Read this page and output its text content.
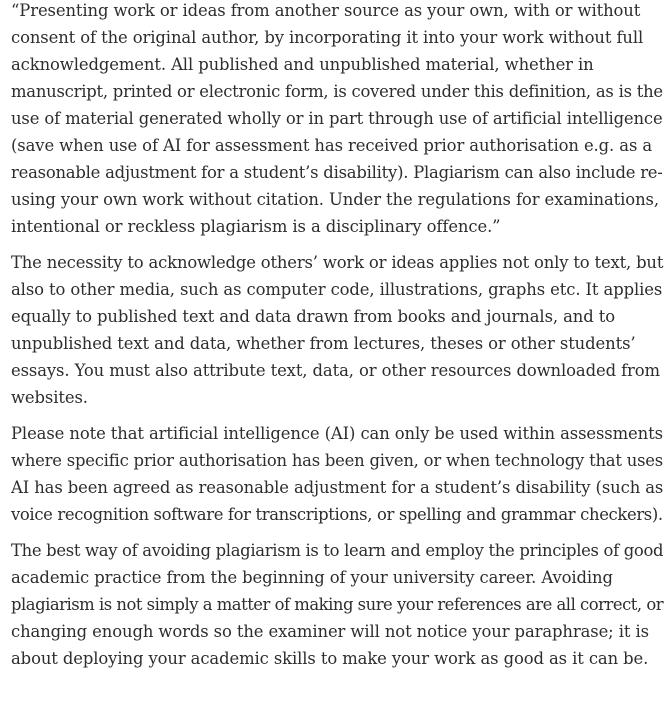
“Presenting work or ideas from another source as your own, with or without
consent of the original author, by incorporating it into your work without full
acknowledgement. All published and unpublished material, whether in
manuscript, printed or electronic form, is covered under this definition, as is the
use of material generated wholly or in part through use of artificial intelligence
(save when use of AI for assessment has received prior authorisation e.g. as a
reasonable adjustment for a student’s disability). Plagiarism can also include re-
using your own work without citation. Under the regulations for examinations,
intentional or reckless plagiarism is a disciplinary offence.”

The necessity to acknowledge others’ work or ideas applies not only to text, but
also to other media, such as computer code, illustrations, graphs etc. It applies
equally to published text and data drawn from books and journals, and to
unpublished text and data, whether from lectures, theses or other students’
essays. You must also attribute text, data, or other resources downloaded from
websites.

Please note that artificial intelligence (AI) can only be used within assessments
where specific prior authorisation has been given, or when technology that uses
AI has been agreed as reasonable adjustment for a student’s disability (such as
voice recognition software for transcriptions, or spelling and grammar checkers).

The best way of avoiding plagiarism is to learn and employ the principles of good
academic practice from the beginning of your university career. Avoiding
plagiarism is not simply a matter of making sure your references are all correct, or
changing enough words so the examiner will not notice your paraphrase; it is
about deploying your academic skills to make your work as good as it can be.
